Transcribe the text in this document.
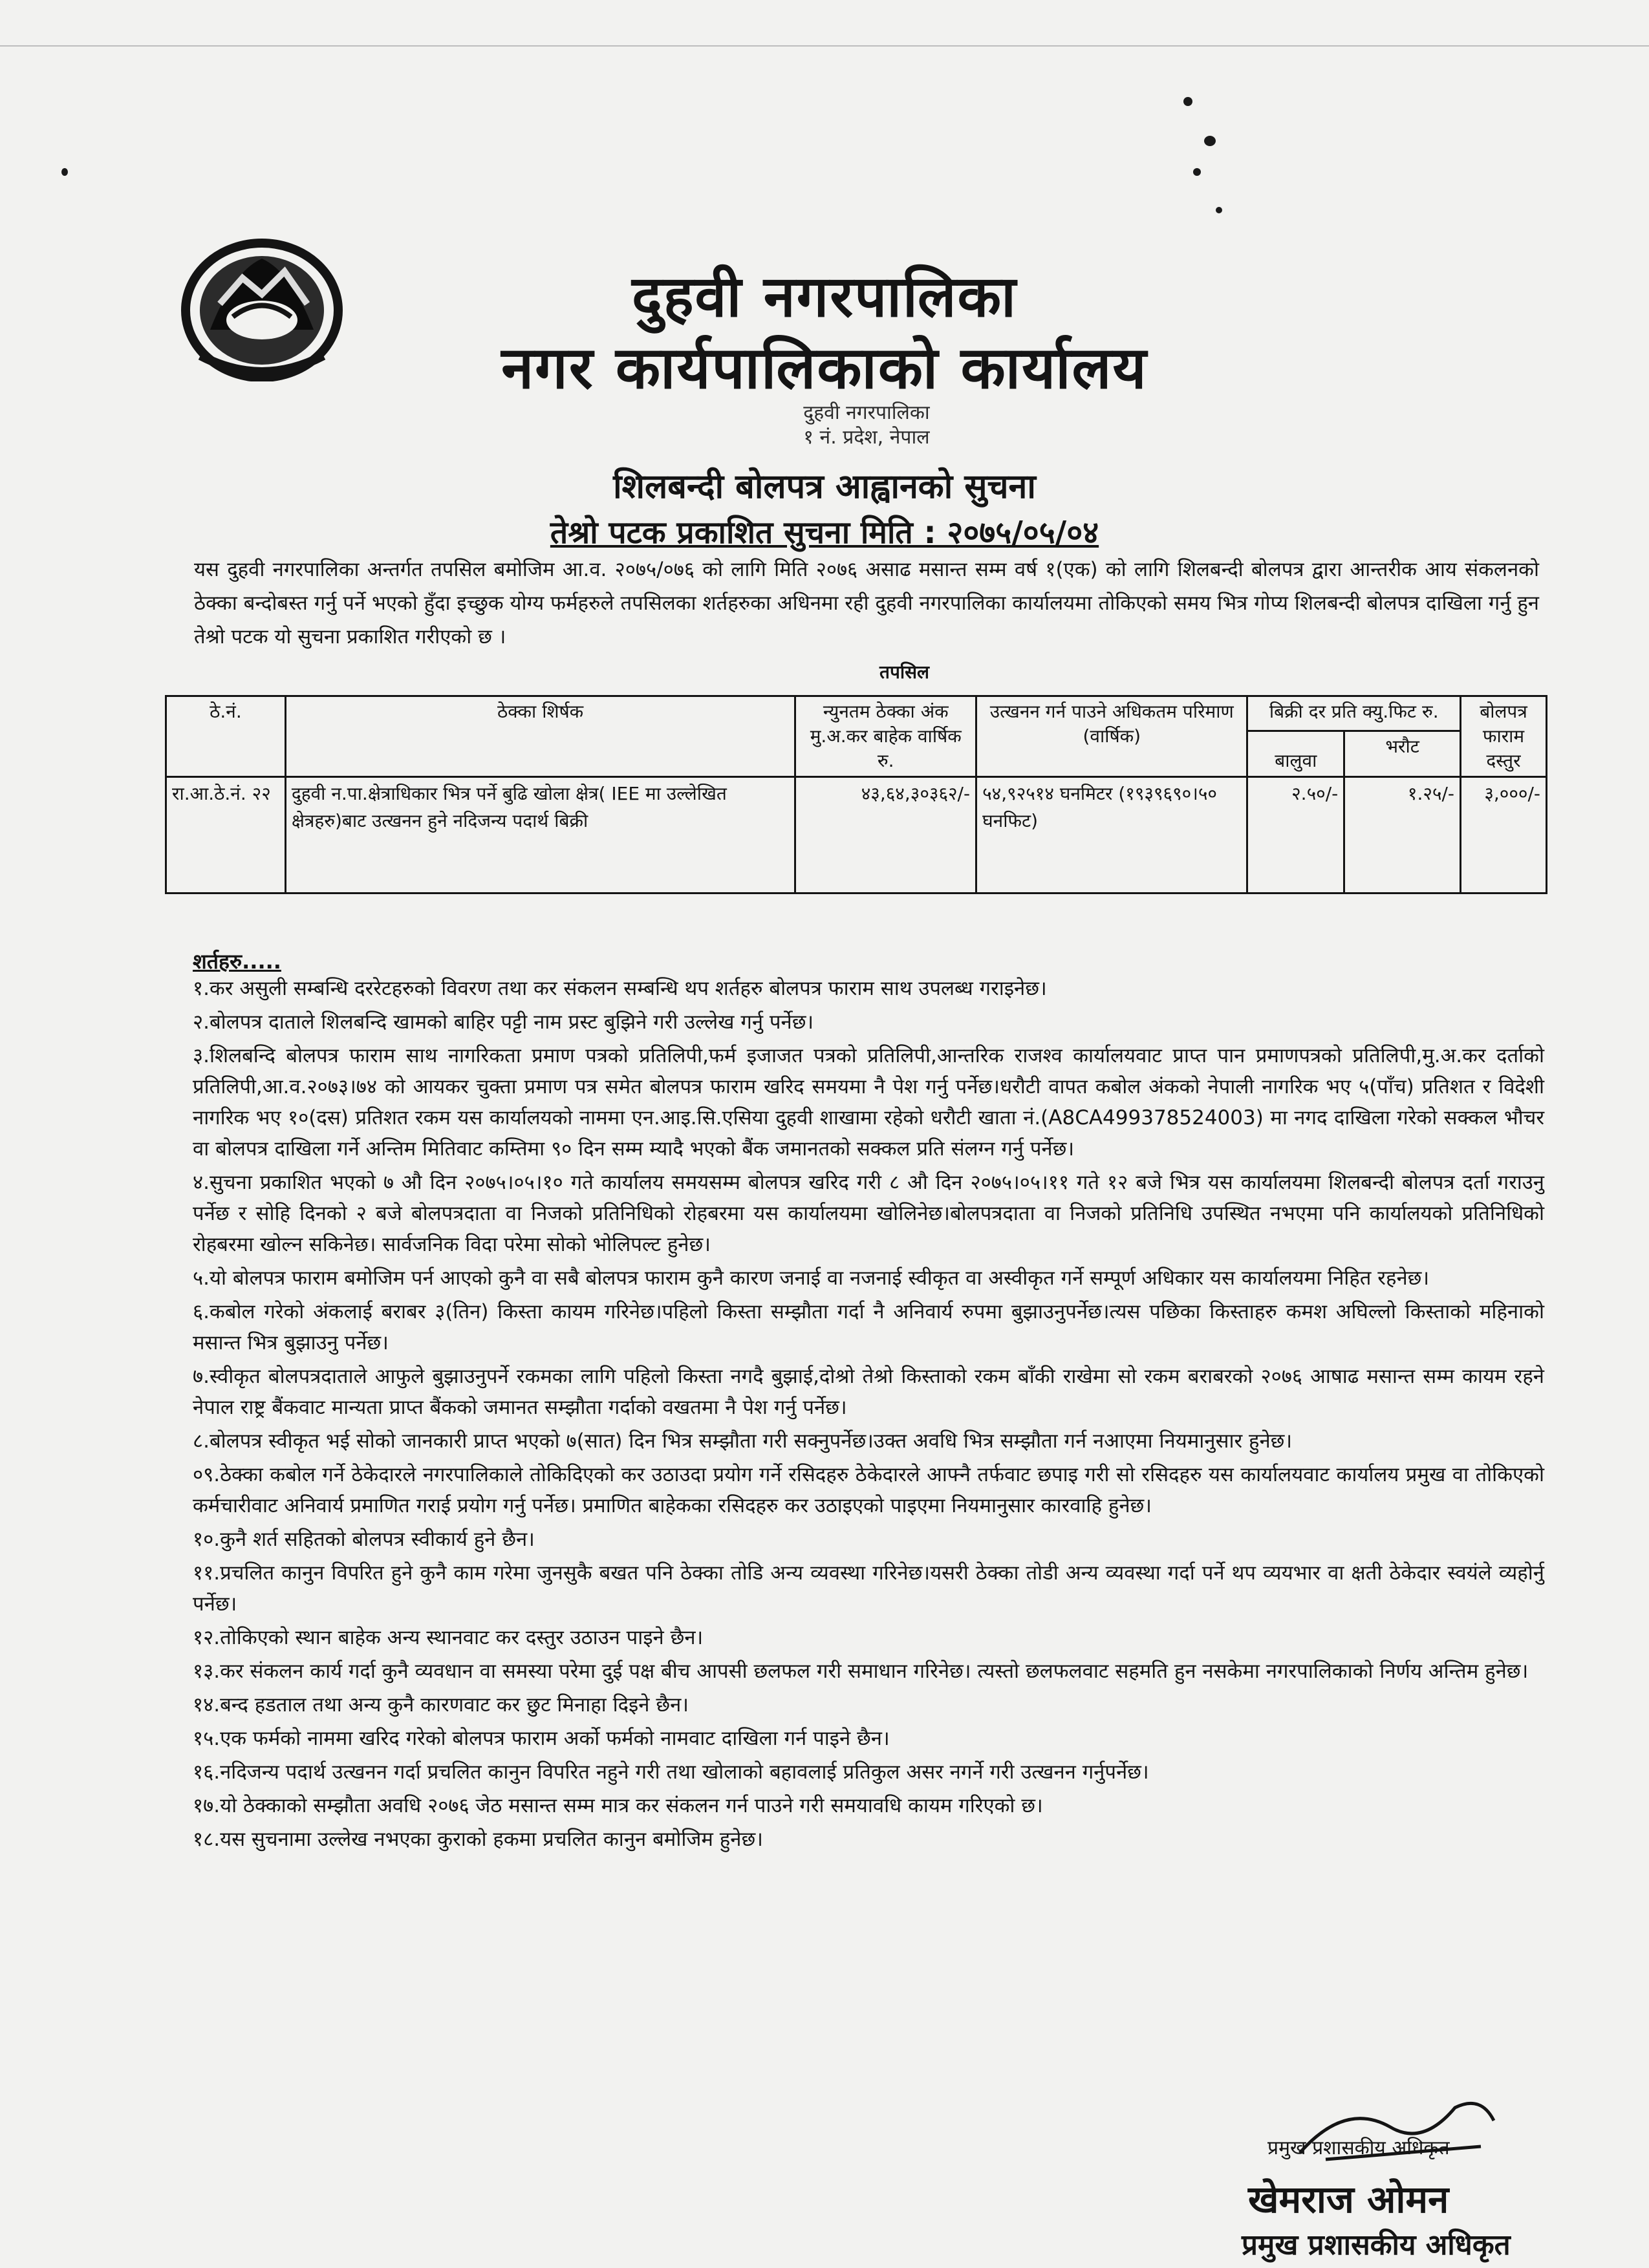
दुहवी नगरपालिका
नगर कार्यपालिकाको कार्यालय
दुहवी नगरपालिका
१ नं. प्रदेश, नेपाल
शिलबन्दी बोलपत्र आह्वानको सुचना
तेश्रो पटक प्रकाशित सुचना मिति : २०७५/०५/०४

यस दुहवी नगरपालिका अन्तर्गत तपसिल बमोजिम आ.व. २०७५/०७६ को लागि मिति २०७६ असाढ मसान्त सम्म वर्ष १(एक) को लागि शिलबन्दी बोलपत्र द्वारा आन्तरीक आय संकलनको ठेक्का बन्दोबस्त गर्नु पर्ने भएको हुँदा इच्छुक योग्य फर्महरुले तपसिलका शर्तहरुका अधिनमा रही दुहवी नगरपालिका कार्यालयमा तोकिएको समय भित्र गोप्य शिलबन्दी बोलपत्र दाखिला गर्नु हुन तेश्रो पटक यो सुचना प्रकाशित गरीएको छ ।

तपसिल
ठे.नं.	ठेक्का शिर्षक	न्युनतम ठेक्का अंक मु.अ.कर बाहेक वार्षिक रु.	उत्खनन गर्न पाउने अधिकतम परिमाण (वार्षिक)	बिक्री दर प्रति क्यु.फिट रु.		बोलपत्र फाराम दस्तुर
				बालुवा	भरौट	
रा.आ.ठे.नं. २२	दुहवी न.पा.क्षेत्राधिकार भित्र पर्ने बुढि खोला क्षेत्र( IEE मा उल्लेखित क्षेत्रहरु)बाट उत्खनन हुने नदिजन्य पदार्थ बिक्री	४३,६४,३०३६२/-	५४,९२५१४ घनमिटर (१९३९६९०।५० घनफिट)	२.५०/-	१.२५/-	३,०००/-
शर्तहरु.....
१.कर असुली सम्बन्धि दररेटहरुको विवरण तथा कर संकलन सम्बन्धि थप शर्तहरु बोलपत्र फाराम साथ उपलब्ध गराइनेछ।
२.बोलपत्र दाताले शिलबन्दि खामको बाहिर पट्टी नाम प्रस्ट बुझिने गरी उल्लेख गर्नु पर्नेछ।
३.शिलबन्दि बोलपत्र फाराम साथ नागरिकता प्रमाण पत्रको प्रतिलिपी,फर्म इजाजत पत्रको प्रतिलिपी,आन्तरिक राजश्व कार्यालयवाट प्राप्त पान प्रमाणपत्रको प्रतिलिपी,मु.अ.कर दर्ताको प्रतिलिपी,आ.व.२०७३।७४ को आयकर चुक्ता प्रमाण पत्र समेत बोलपत्र फाराम खरिद समयमा नै पेश गर्नु पर्नेछ।धरौटी वापत कबोल अंकको नेपाली नागरिक भए ५(पाँच) प्रतिशत र विदेशी नागरिक भए १०(दस) प्रतिशत रकम यस कार्यालयको नाममा एन.आइ.सि.एसिया दुहवी शाखामा रहेको धरौटी खाता नं.(A8CA499378524003) मा नगद दाखिला गरेको सक्कल भौचर वा बोलपत्र दाखिला गर्ने अन्तिम मितिवाट कम्तिमा ९० दिन सम्म म्यादै भएको बैंक जमानतको सक्कल प्रति संलग्न गर्नु पर्नेछ।
४.सुचना प्रकाशित भएको ७ औ दिन २०७५।०५।१० गते कार्यालय समयसम्म बोलपत्र खरिद गरी ८ औ दिन २०७५।०५।११ गते १२ बजे भित्र यस कार्यालयमा शिलबन्दी बोलपत्र दर्ता गराउनु पर्नेछ र सोहि दिनको २ बजे बोलपत्रदाता वा निजको प्रतिनिधिको रोहबरमा यस कार्यालयमा खोलिनेछ।बोलपत्रदाता वा निजको प्रतिनिधि उपस्थित नभएमा पनि कार्यालयको प्रतिनिधिको रोहबरमा खोल्न सकिनेछ। सार्वजनिक विदा परेमा सोको भोलिपल्ट हुनेछ।
५.यो बोलपत्र फाराम बमोजिम पर्न आएको कुनै वा सबै बोलपत्र फाराम कुनै कारण जनाई वा नजनाई स्वीकृत वा अस्वीकृत गर्ने सम्पूर्ण अधिकार यस कार्यालयमा निहित रहनेछ।
६.कबोल गरेको अंकलाई बराबर ३(तिन) किस्ता कायम गरिनेछ।पहिलो किस्ता सम्झौता गर्दा नै अनिवार्य रुपमा बुझाउनुपर्नेछ।त्यस पछिका किस्ताहरु कमश अघिल्लो किस्ताको महिनाको मसान्त भित्र बुझाउनु पर्नेछ।
७.स्वीकृत बोलपत्रदाताले आफुले बुझाउनुपर्ने रकमका लागि पहिलो किस्ता नगदै बुझाई,दोश्रो तेश्रो किस्ताको रकम बाँकी राखेमा सो रकम बराबरको २०७६ आषाढ मसान्त सम्म कायम रहने नेपाल राष्ट्र बैंकवाट मान्यता प्राप्त बैंकको जमानत सम्झौता गर्दाको वखतमा नै पेश गर्नु पर्नेछ।
८.बोलपत्र स्वीकृत भई सोको जानकारी प्राप्त भएको ७(सात) दिन भित्र सम्झौता गरी सक्नुपर्नेछ।उक्त अवधि भित्र सम्झौता गर्न नआएमा नियमानुसार हुनेछ।
०९.ठेक्का कबोल गर्ने ठेकेदारले नगरपालिकाले तोकिदिएको कर उठाउदा प्रयोग गर्ने रसिदहरु ठेकेदारले आफ्नै तर्फवाट छपाइ गरी सो रसिदहरु यस कार्यालयवाट कार्यालय प्रमुख वा तोकिएको कर्मचारीवाट अनिवार्य प्रमाणित गराई प्रयोग गर्नु पर्नेछ। प्रमाणित बाहेकका रसिदहरु कर उठाइएको पाइएमा नियमानुसार कारवाहि हुनेछ।
१०.कुनै शर्त सहितको बोलपत्र स्वीकार्य हुने छैन।
११.प्रचलित कानुन विपरित हुने कुनै काम गरेमा जुनसुकै बखत पनि ठेक्का तोडि अन्य व्यवस्था गरिनेछ।यसरी ठेक्का तोडी अन्य व्यवस्था गर्दा पर्ने थप व्ययभार वा क्षती ठेकेदार स्वयंले व्यहोर्नु पर्नेछ।
१२.तोकिएको स्थान बाहेक अन्य स्थानवाट कर दस्तुर उठाउन पाइने छैन।
१३.कर संकलन कार्य गर्दा कुनै व्यवधान वा समस्या परेमा दुई पक्ष बीच आपसी छलफल गरी समाधान गरिनेछ। त्यस्तो छलफलवाट सहमति हुन नसकेमा नगरपालिकाको निर्णय अन्तिम हुनेछ।
१४.बन्द हडताल तथा अन्य कुनै कारणवाट कर छुट मिनाहा दिइने छैन।
१५.एक फर्मको नाममा खरिद गरेको बोलपत्र फाराम अर्को फर्मको नामवाट दाखिला गर्न पाइने छैन।
१६.नदिजन्य पदार्थ उत्खनन गर्दा प्रचलित कानुन विपरित नहुने गरी तथा खोलाको बहावलाई प्रतिकुल असर नगर्ने गरी उत्खनन गर्नुपर्नेछ।
१७.यो ठेक्काको सम्झौता अवधि २०७६ जेठ मसान्त सम्म मात्र कर संकलन गर्न पाउने गरी समयावधि कायम गरिएको छ।
१८.यस सुचनामा उल्लेख नभएका कुराको हकमा प्रचलित कानुन बमोजिम हुनेछ।
प्रमुख प्रशासकीय अधिकृत
खेमराज ओमन
प्रमुख प्रशासकीय अधिकृत
